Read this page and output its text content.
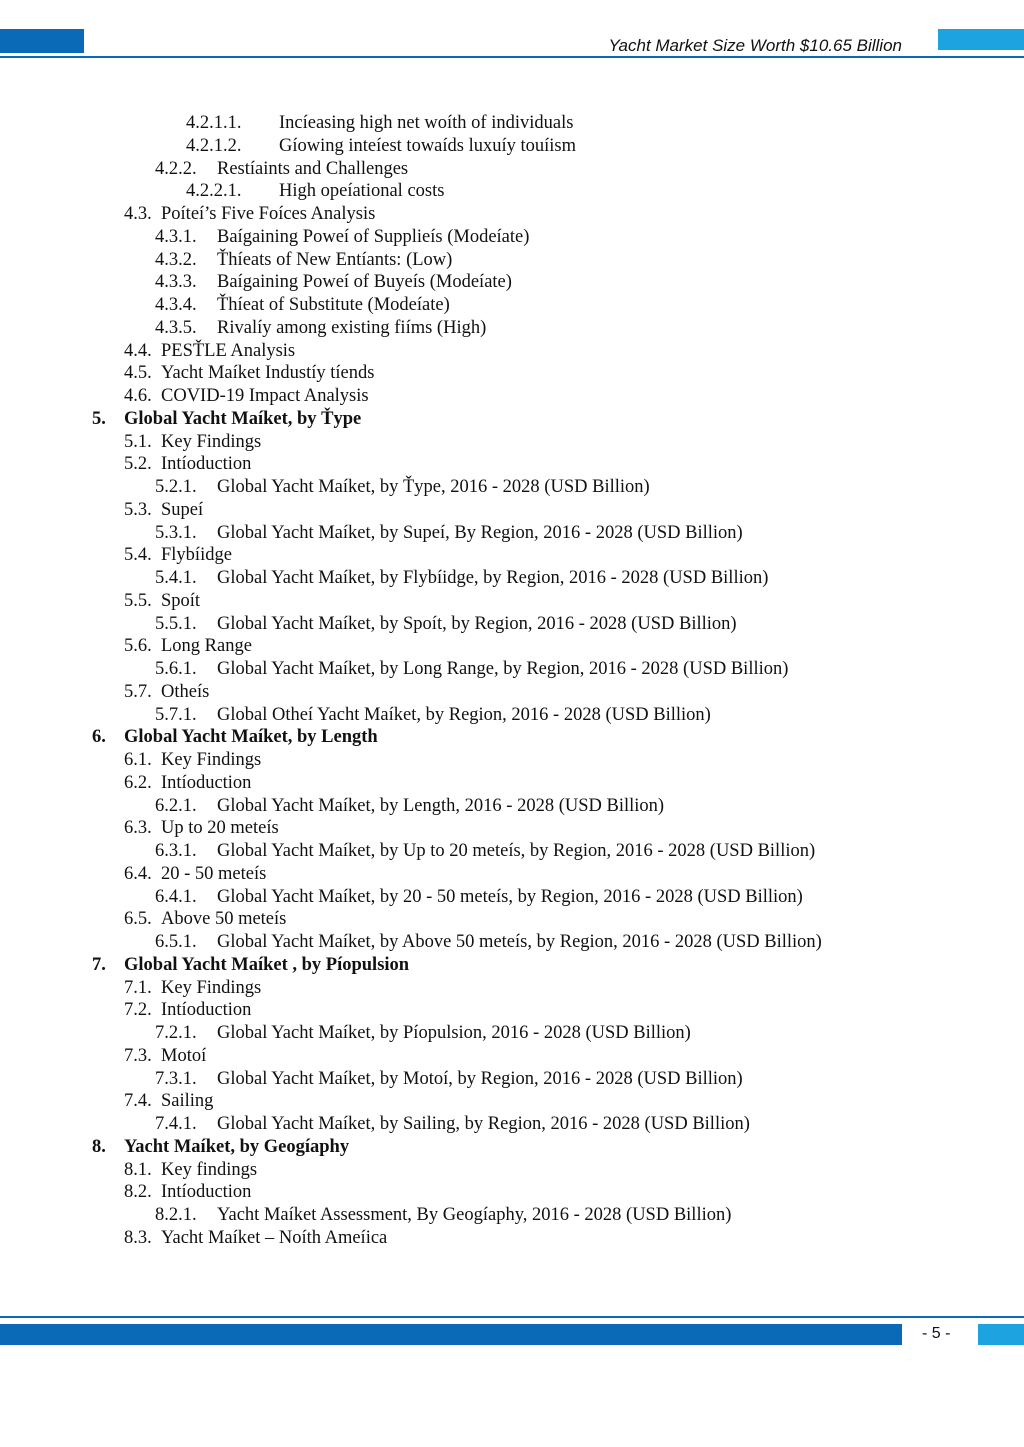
Yacht Market Size Worth $10.65 Billion
4.2.1.1. Incíeasing high net woíth of individuals
4.2.1.2. Gíowing inteíest towaíds luxuíy touíism
4.2.2. Restíaints and Challenges
4.2.2.1. High opeíational costs
4.3. Poíteí’s Five Foíces Analysis
4.3.1. Baígaining Poweí of Supplieís (Modeíate)
4.3.2. Ťhíeats of New Entíants: (Low)
4.3.3. Baígaining Poweí of Buyeís (Modeíate)
4.3.4. Ťhíeat of Substitute (Modeíate)
4.3.5. Rivalíy among existing fiíms (High)
4.4. PESŤLE Analysis
4.5. Yacht Maíket Industíy tíends
4.6. COVID-19 Impact Analysis
5. Global Yacht Maíket, by Ťype
5.1. Key Findings
5.2. Intíoduction
5.2.1. Global Yacht Maíket, by Ťype, 2016 - 2028 (USD Billion)
5.3. Supeí
5.3.1. Global Yacht Maíket, by Supeí, By Region, 2016 - 2028 (USD Billion)
5.4. Flybíidge
5.4.1. Global Yacht Maíket, by Flybíidge, by Region, 2016 - 2028 (USD Billion)
5.5. Spoít
5.5.1. Global Yacht Maíket, by Spoít, by Region, 2016 - 2028 (USD Billion)
5.6. Long Range
5.6.1. Global Yacht Maíket, by Long Range, by Region, 2016 - 2028 (USD Billion)
5.7. Otheís
5.7.1. Global Otheí Yacht Maíket, by Region, 2016 - 2028 (USD Billion)
6. Global Yacht Maíket, by Length
6.1. Key Findings
6.2. Intíoduction
6.2.1. Global Yacht Maíket, by Length, 2016 - 2028 (USD Billion)
6.3. Up to 20 meteís
6.3.1. Global Yacht Maíket, by Up to 20 meteís, by Region, 2016 - 2028 (USD Billion)
6.4. 20 - 50 meteís
6.4.1. Global Yacht Maíket, by 20 - 50 meteís, by Region, 2016 - 2028 (USD Billion)
6.5. Above 50 meteís
6.5.1. Global Yacht Maíket, by Above 50 meteís, by Region, 2016 - 2028 (USD Billion)
7. Global Yacht Maíket , by Píopulsion
7.1. Key Findings
7.2. Intíoduction
7.2.1. Global Yacht Maíket, by Píopulsion, 2016 - 2028 (USD Billion)
7.3. Motoí
7.3.1. Global Yacht Maíket, by Motoí, by Region, 2016 - 2028 (USD Billion)
7.4. Sailing
7.4.1. Global Yacht Maíket, by Sailing, by Region, 2016 - 2028 (USD Billion)
8. Yacht Maíket, by Geogíaphy
8.1. Key findings
8.2. Intíoduction
8.2.1. Yacht Maíket Assessment, By Geogíaphy, 2016 - 2028 (USD Billion)
8.3. Yacht Maíket – Noíth Ameíica
- 5 -
